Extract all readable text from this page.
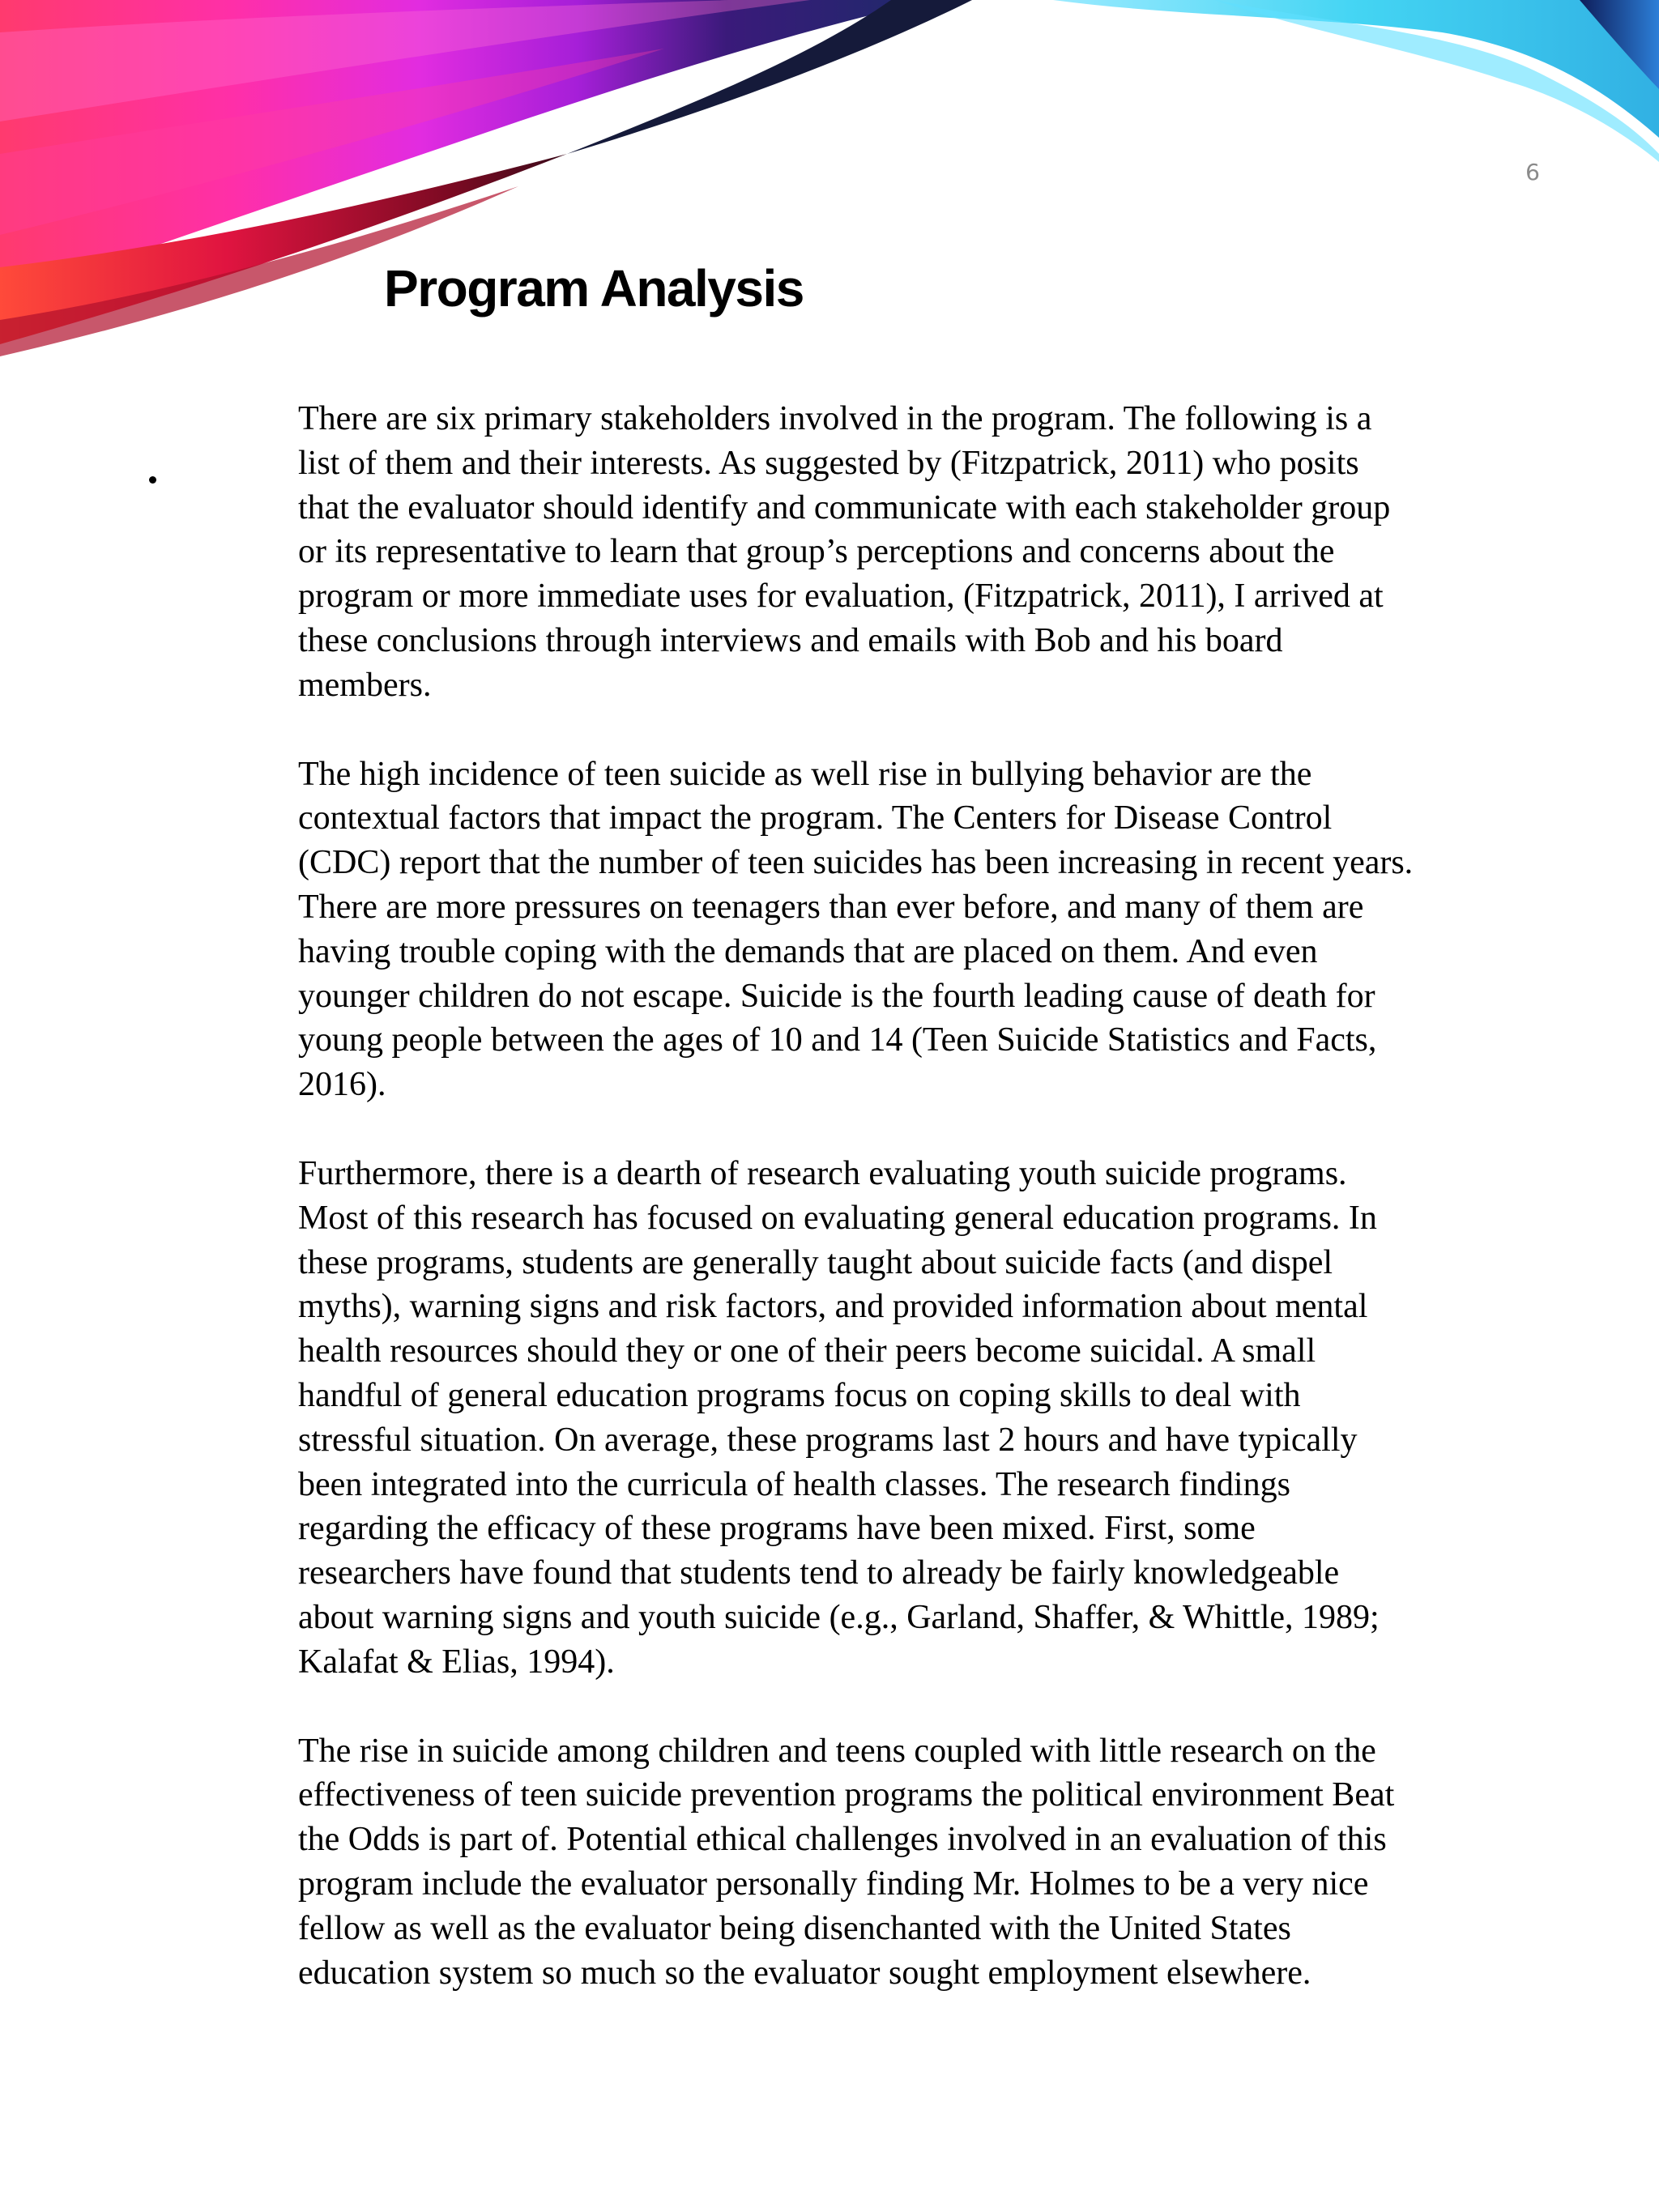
6
Program Analysis

There are six primary stakeholders involved in the program. The following is a
list of them and their interests. As suggested by (Fitzpatrick, 2011) who posits
that the evaluator should identify and communicate with each stakeholder group
or its representative to learn that group’s perceptions and concerns about the
program or more immediate uses for evaluation, (Fitzpatrick, 2011), I arrived at
these conclusions through interviews and emails with Bob and his board
members.

The high incidence of teen suicide as well rise in bullying behavior are the
contextual factors that impact the program. The Centers for Disease Control
(CDC) report that the number of teen suicides has been increasing in recent years.
There are more pressures on teenagers than ever before, and many of them are
having trouble coping with the demands that are placed on them. And even
younger children do not escape. Suicide is the fourth leading cause of death for
young people between the ages of 10 and 14 (Teen Suicide Statistics and Facts,
2016).

Furthermore, there is a dearth of research evaluating youth suicide programs.
Most of this research has focused on evaluating general education programs. In
these programs, students are generally taught about suicide facts (and dispel
myths), warning signs and risk factors, and provided information about mental
health resources should they or one of their peers become suicidal. A small
handful of general education programs focus on coping skills to deal with
stressful situation. On average, these programs last 2 hours and have typically
been integrated into the curricula of health classes. The research findings
regarding the efficacy of these programs have been mixed. First, some
researchers have found that students tend to already be fairly knowledgeable
about warning signs and youth suicide (e.g., Garland, Shaffer, & Whittle, 1989;
Kalafat & Elias, 1994).

The rise in suicide among children and teens coupled with little research on the
effectiveness of teen suicide prevention programs the political environment Beat
the Odds is part of. Potential ethical challenges involved in an evaluation of this
program include the evaluator personally finding Mr. Holmes to be a very nice
fellow as well as the evaluator being disenchanted with the United States
education system so much so the evaluator sought employment elsewhere.
